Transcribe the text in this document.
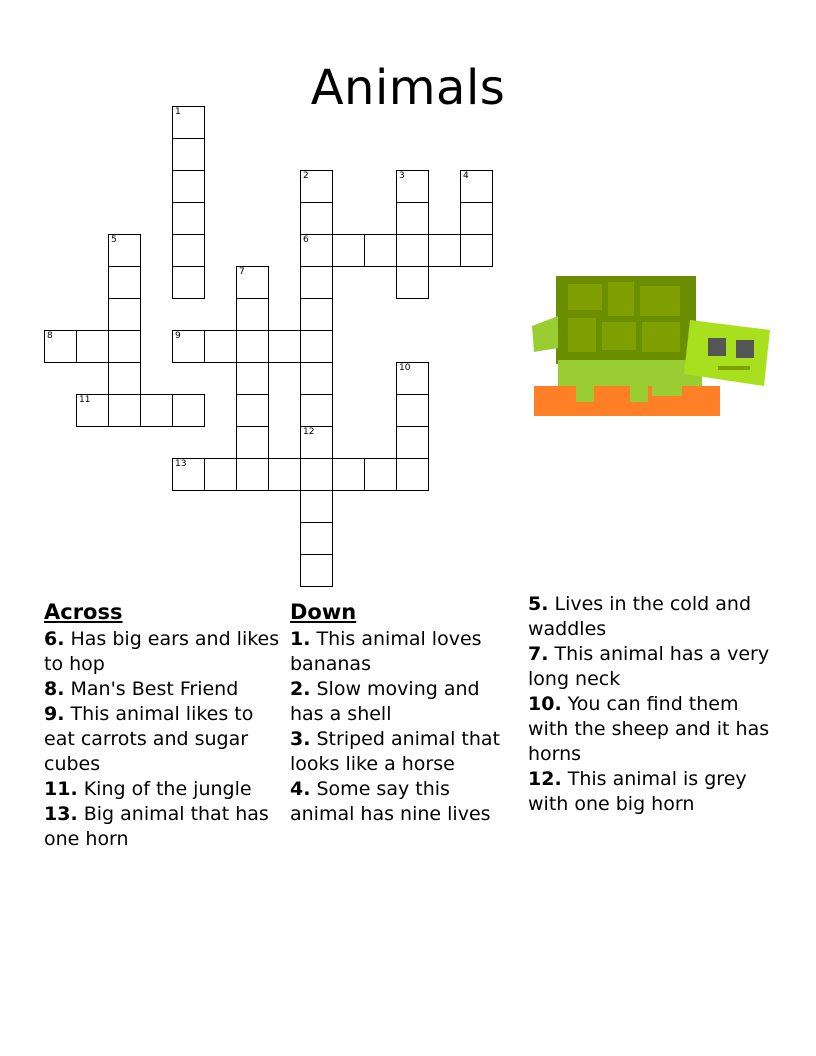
Animals
1
2
6
12
3	4
5
7
8	9
10
11
13
Across
6. Has big ears and likes to hop
8. Man's Best Friend
9. This animal likes to eat carrots and sugar cubes
11. King of the jungle
13. Big animal that has one horn
Down
1. This animal loves bananas
2. Slow moving and has a shell
3. Striped animal that looks like a horse
4. Some say this animal has nine lives
5. Lives in the cold and waddles
7. This animal has a very long neck
10. You can find them with the sheep and it has horns
12. This animal is grey with one big horn
